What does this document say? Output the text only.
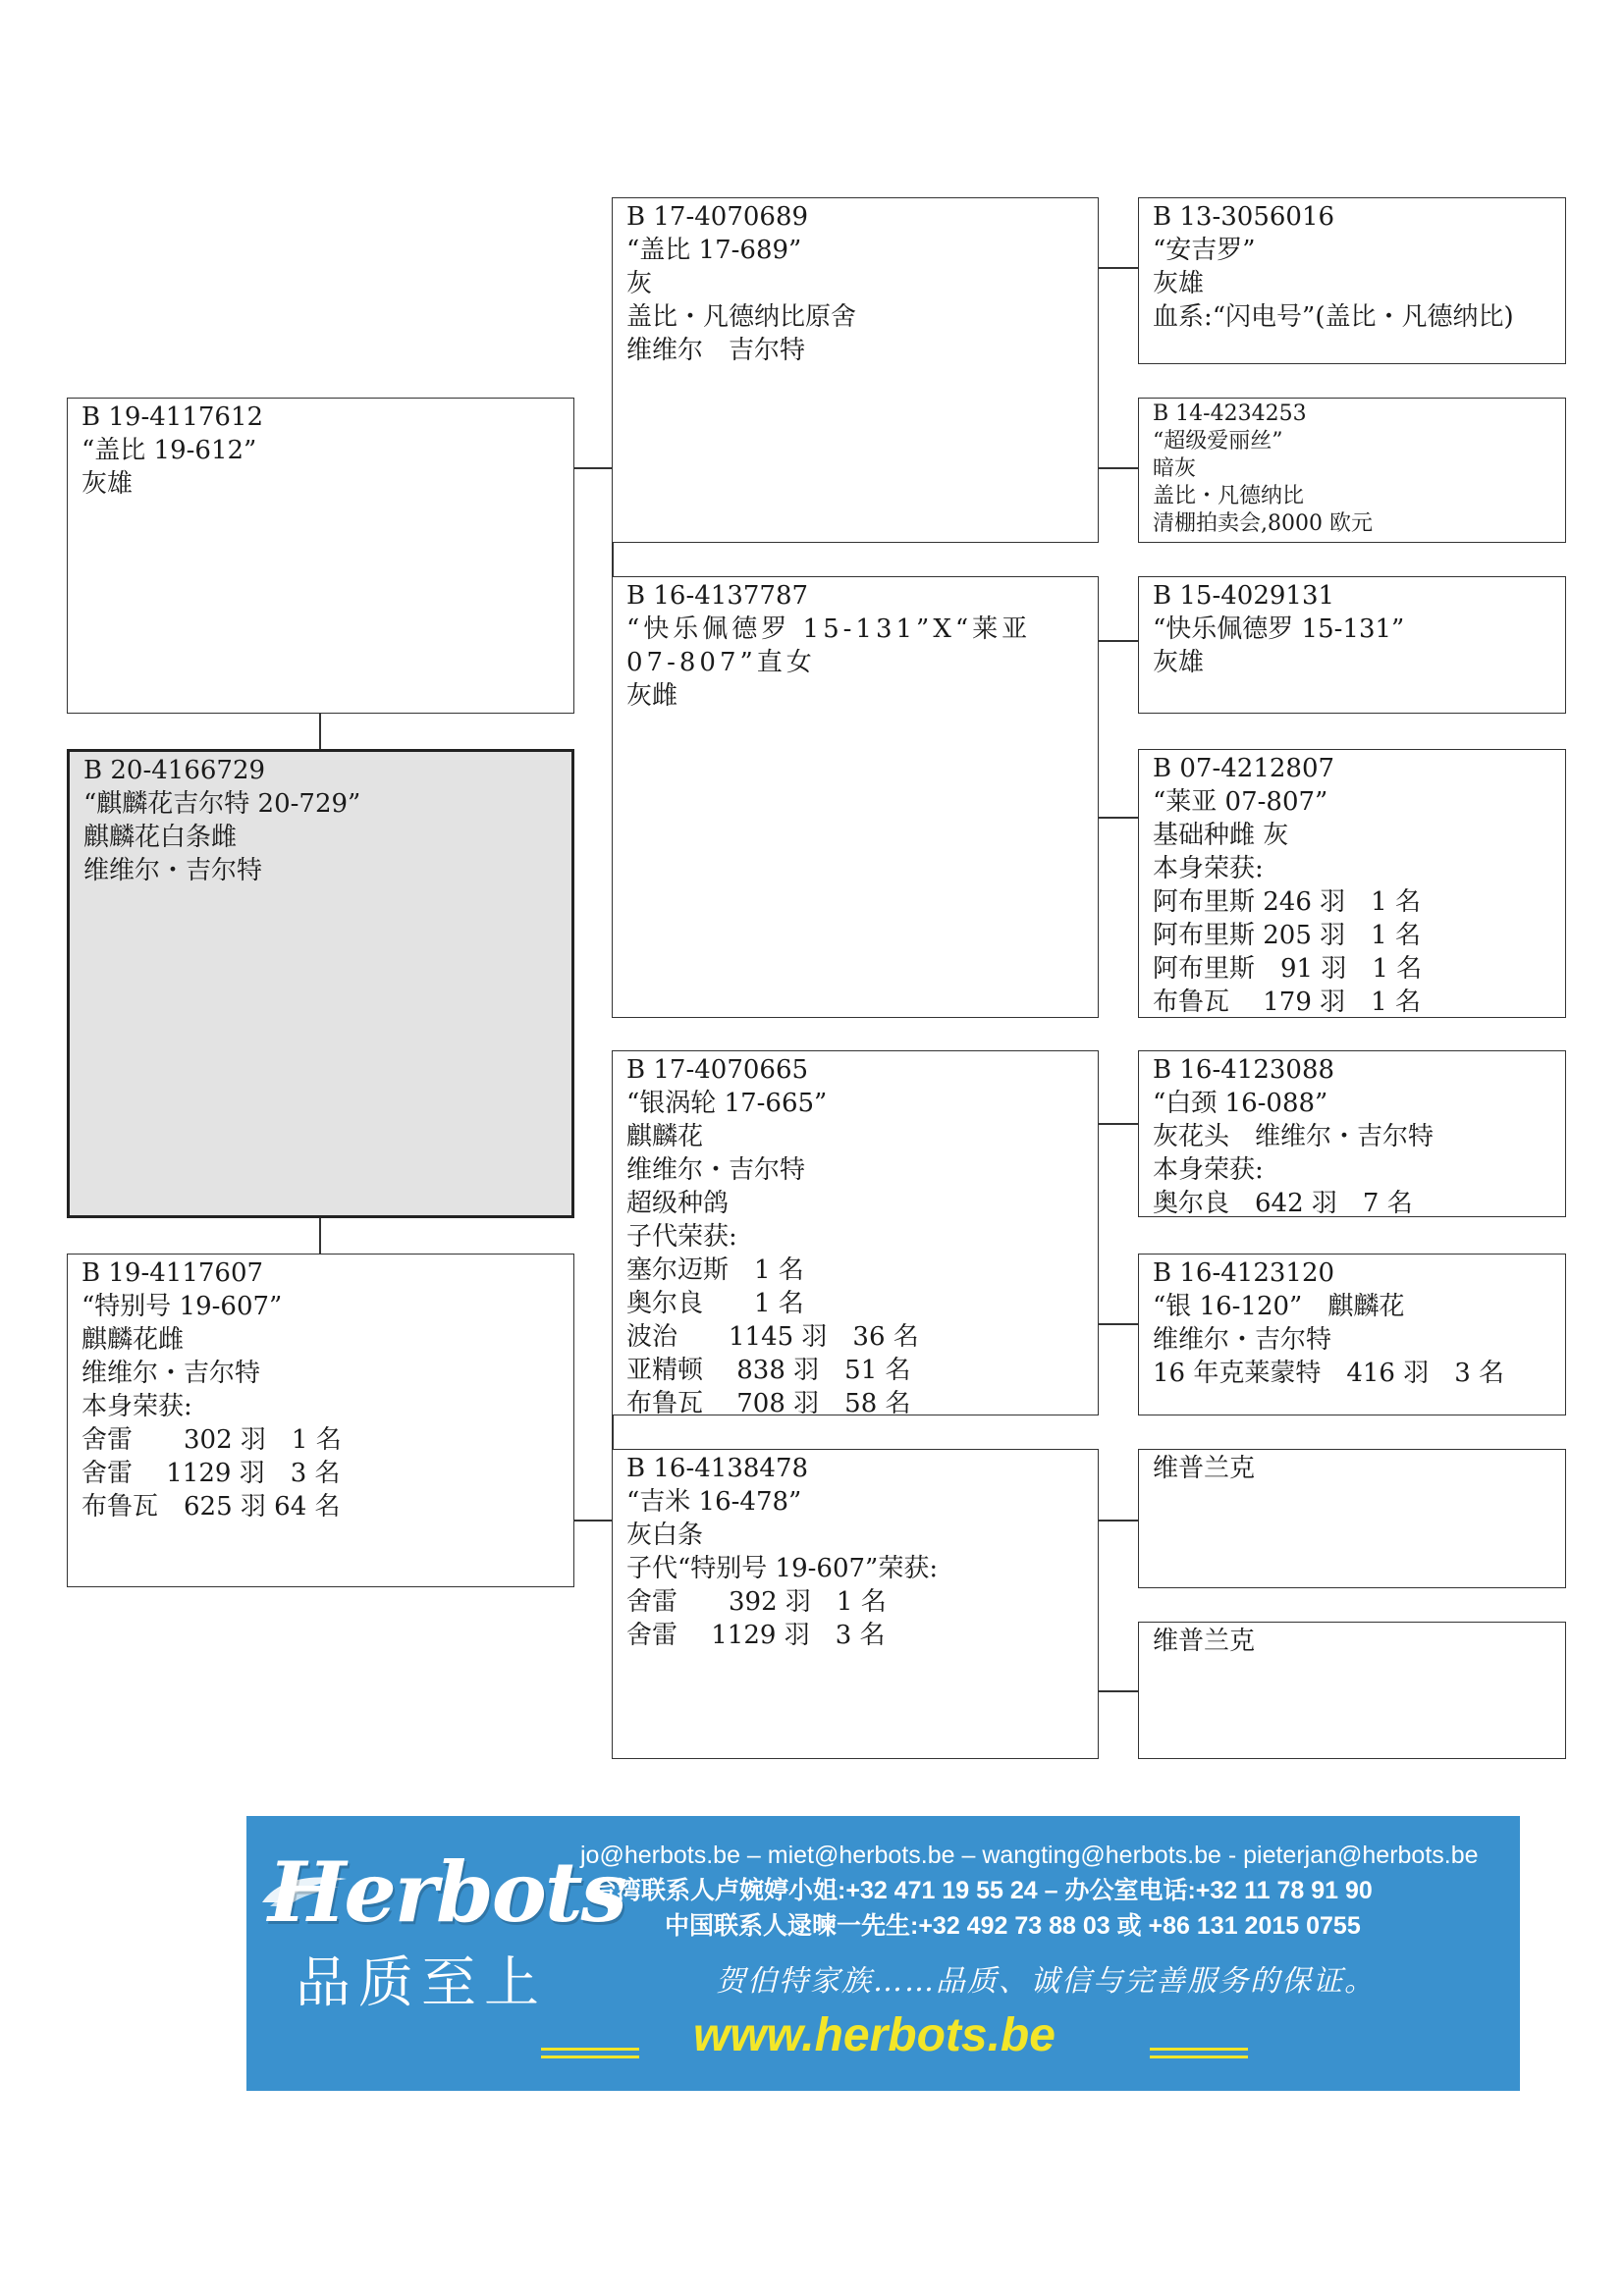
B 19-4117612
“盖比 19-612”
灰雄
B 20-4166729
“麒麟花吉尔特 20-729”
麒麟花白条雌
维维尔・吉尔特
B 19-4117607
“特别号 19-607”
麒麟花雌
维维尔・吉尔特
本身荣获:
舍雷　　302 羽　1 名
舍雷　 1129 羽　3 名
布鲁瓦　625 羽 64 名
B 17-4070689
“盖比 17-689”
灰
盖比・凡德纳比原舍
维维尔　吉尔特
B 16-4137787
“快乐佩德罗 15-131”X“莱亚 07-807”直女
灰雌
B 17-4070665
“银涡轮 17-665”
麒麟花
维维尔・吉尔特
超级种鸽
子代荣获:
塞尔迈斯　1 名
奥尔良　　1 名
波治　　1145 羽　36 名
亚精顿　 838 羽　51 名
布鲁瓦　 708 羽　58 名
B 16-4138478
“吉米 16-478”
灰白条
子代“特别号 19-607”荣获:
舍雷　　392 羽　1 名
舍雷　 1129 羽　3 名
B 13-3056016
“安吉罗”
灰雄
血系:“闪电号”(盖比・凡德纳比)
B 14-4234253
“超级爱丽丝”
暗灰
盖比・凡德纳比
清棚拍卖会,8000 欧元
B 15-4029131
“快乐佩德罗 15-131”
灰雄
B 07-4212807
“莱亚 07-807”
基础种雌 灰
本身荣获:
阿布里斯 246 羽　1 名
阿布里斯 205 羽　1 名
阿布里斯　91 羽　1 名
布鲁瓦　 179 羽　1 名
B 16-4123088
“白颈 16-088”
灰花头　维维尔・吉尔特
本身荣获:
奥尔良　642 羽　7 名
B 16-4123120
“银 16-120”　麒麟花
维维尔・吉尔特
16 年克莱蒙特　416 羽　3 名
维普兰克
维普兰克
Herbots
品质至上
jo@herbots.be – miet@herbots.be – wangting@herbots.be - pieterjan@herbots.be
台湾联系人卢婉婷小姐:+32 471 19 55 24 – 办公室电话:+32 11 78 91 90
中国联系人逯暕一先生:+32 492 73 88 03 或 +86 131 2015 0755
贺伯特家族……品质、诚信与完善服务的保证。
www.herbots.be
